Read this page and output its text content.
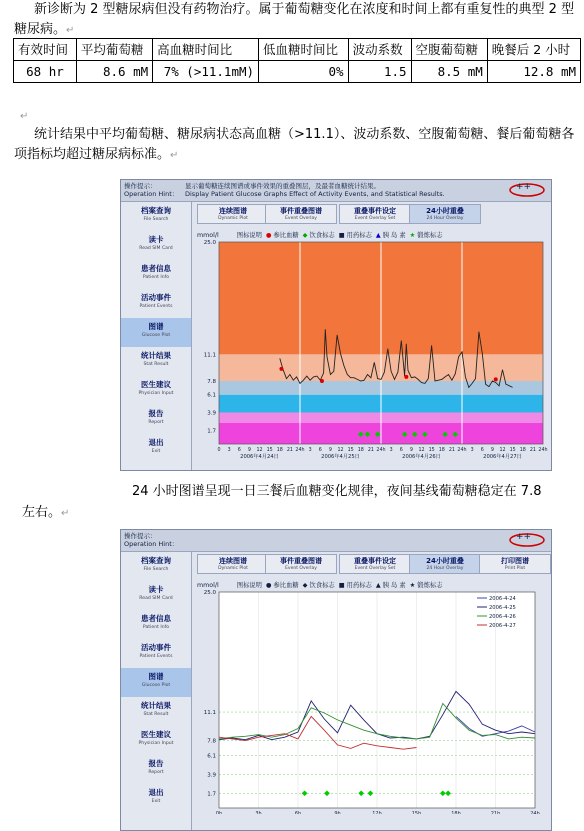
新诊断为 2 型糖尿病但没有药物治疗。属于葡萄糖变化在浓度和时间上都有重复性的典型 2 型糖尿病。↵
有效时间	平均葡萄糖	高血糖时间比	低血糖时间比	波动系数	空腹葡萄糖	晚餐后 2 小时
68 hr	8.6 mM	7% (>11.1mM)	0%	1.5	8.5 mM	12.8 mM
↵
统计结果中平均葡萄糖、糖尿病状态高血糖（>11.1）、波动系数、空腹葡萄糖、餐后葡萄糖各项指标均超过糖尿病标准。↵
操作提示：
Operation Hint：
显示葡萄糖连续图谱或事件效果的重叠图层，及最者血糖统计结果。
Display Patient Glucose Graphs Effect of Activity Events, and Statistical Results.
++
档案查询
File Search
读卡
Read SIM Card
患者信息
Patient Info
活动事件
Patient Events
图谱
Glucose Plot
统计结果
Stat Result
医生建议
Physician Input
报告
Report
退出
Exit
连续图谱
Dynamic Plot
事件重叠图谱
Event Overlay
重叠事件设定
Event Overlay Set
24小时重叠
24 Hour Overlay
mmol/l	图标说明 ● 参比血糖 ◆ 饮食标志 ■ 用药标志 ▲ 胰 岛 素 ★ 锻炼标志
1.7
3.9
6.1
7.8
11.1
25.0
0 3 6 9 12 15 18 21 24h
2006年4月24日
3 6 9 12 15 18 21 24h
2006年4月25日
3 6 9 12 15 18 21 24h
2006年4月26日
3 6 9 12 15 18 21 24h
2006年4月27日
24 小时图谱呈现一日三餐后血糖变化规律，夜间基线葡萄糖稳定在 7.8
左右。↵
操作提示：
Operation Hint：
++
档案查询
File Search
读卡
Read SIM Card
患者信息
Patient Info
活动事件
Patient Events
图谱
Glucose Plot
统计结果
Stat Result
医生建议
Physician Input
报告
Report
退出
Exit
连续图谱
Dynamic Plot
事件重叠图谱
Event Overlay
重叠事件设定
Event Overlay Set
24小时重叠
24 Hour Overlay
打印图谱
Print Plot
mmol/l	图标说明 ● 参比血糖 ◆ 饮食标志 ■ 用药标志 ▲ 胰 岛 素 ★ 锻炼标志
1.7
3.9
6.1
7.8
11.1
25.0
2006-4-24
2006-4-25
2006-4-26
2006-4-27
0h	3h	6h	9h	12h	15h	18h	21h	24h
